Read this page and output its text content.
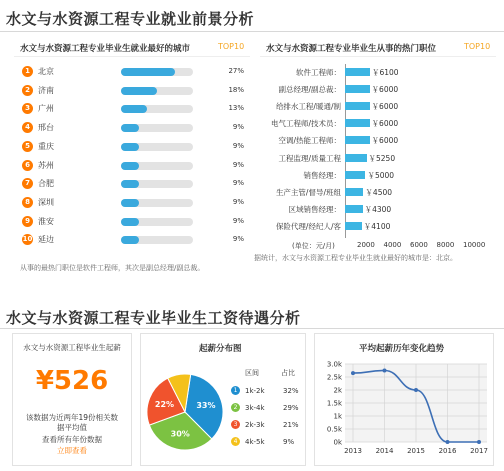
水文与水资源工程专业就业前景分析
水文与水资源工程专业毕业生就业最好的城市	TOP10
1	北京	27%
2	济南	18%
3	广州	13%
4	邢台	9%
5	重庆	9%
6	苏州	9%
7	合肥	9%
8	深圳	9%
9	淮安	9%
10 延边	9%
水文与水资源工程专业毕业生从事的热门职位	TOP10
软件工程师：	￥6100
副总经理/副总裁：	￥6000
给排水工程/暖通/制	￥6000
电气工程师/技术员：	￥6000
空调/热能工程师：	￥6000
工程监理/质量工程	￥5250
销售经理：	￥5000
生产主管/督导/班组	￥4500
区域销售经理：	￥4300
保险代理/经纪人/客	￥4100
(单位：元/月)	2000 4000 6000 8000 10000
从事的最热门职位是软件工程师，其次是副总经理/副总裁。
据统计，水文与水资源工程专业毕业生就业最好的城市是：北京。
水文与水资源工程专业毕业生工资待遇分析
水文与水资源工程毕业生起薪
¥526
该数据为近两年19份相关数
据平均值
查看所有年份数据
立即查看
起薪分布图
33%
30%
22%
区间	占比
1	1k-2k	32%
2	3k-4k	29%
3	2k-3k	21%
4	4k-5k	9%
平均起薪历年变化趋势
0k
0.5k
1k
1.5k
2k
2.5k
3.0k
2013 2014 2015 2016 2017
